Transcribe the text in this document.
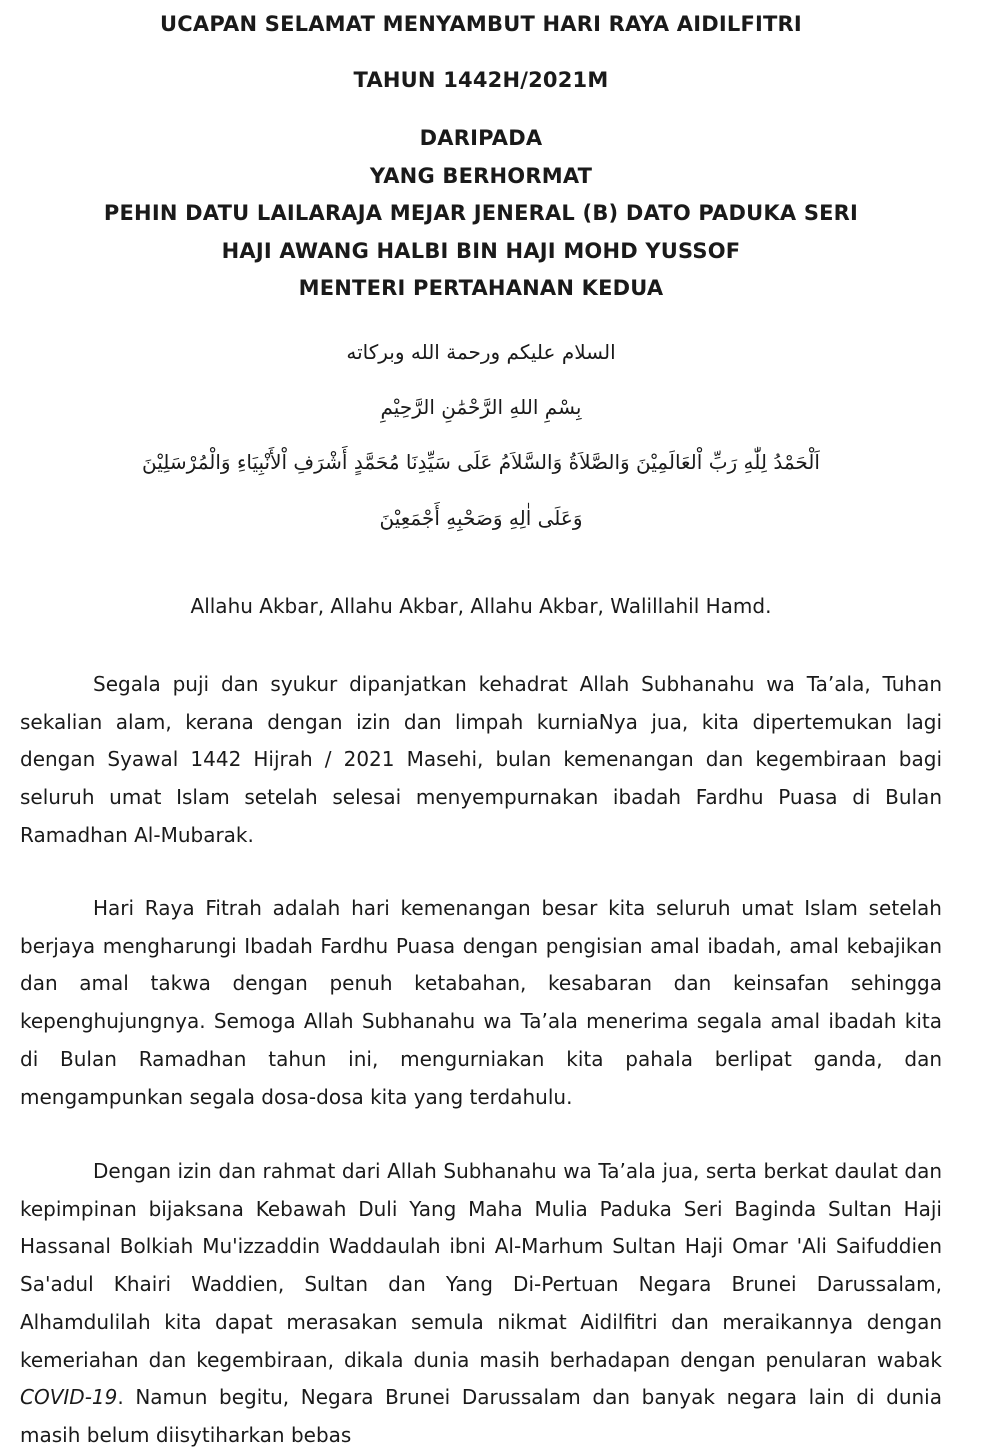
UCAPAN SELAMAT MENYAMBUT HARI RAYA AIDILFITRI

TAHUN 1442H/2021M

DARIPADA

YANG BERHORMAT

PEHIN DATU LAILARAJA MEJAR JENERAL (B) DATO PADUKA SERI

HAJI AWANG HALBI BIN HAJI MOHD YUSSOF

MENTERI PERTAHANAN KEDUA

السلام عليكم ورحمة الله وبركاته
بِسْمِ اللهِ الرَّحْمَٰنِ الرَّحِيْمِ
اَلْحَمْدُ لِلّٰهِ رَبِّ اْلعَالَمِيْنَ وَالصَّلاَةُ وَالسَّلاَمُ عَلَى سَيِّدِنَا مُحَمَّدٍ أَشْرَفِ اْلأَنْبِيَاءِ وَالْمُرْسَلِيْنَ
وَعَلَى اٰلِهِ وَصَحْبِهِ أَجْمَعِيْنَ
Allahu Akbar, Allahu Akbar, Allahu Akbar, Walillahil Hamd.

Segala puji dan syukur dipanjatkan kehadrat Allah Subhanahu wa Ta’ala, Tuhan sekalian alam, kerana dengan izin dan limpah kurniaNya jua, kita dipertemukan lagi dengan Syawal 1442 Hijrah / 2021 Masehi, bulan kemenangan dan kegembiraan bagi seluruh umat Islam setelah selesai menyempurnakan ibadah Fardhu Puasa di Bulan Ramadhan Al-Mubarak.

Hari Raya Fitrah adalah hari kemenangan besar kita seluruh umat Islam setelah berjaya mengharungi Ibadah Fardhu Puasa dengan pengisian amal ibadah, amal kebajikan dan amal takwa dengan penuh ketabahan, kesabaran dan keinsafan sehingga kepenghujungnya. Semoga Allah Subhanahu wa Ta’ala menerima segala amal ibadah kita di Bulan Ramadhan tahun ini, mengurniakan kita pahala berlipat ganda, dan mengampunkan segala dosa-dosa kita yang terdahulu.

Dengan izin dan rahmat dari Allah Subhanahu wa Ta’ala jua, serta berkat daulat dan kepimpinan bijaksana Kebawah Duli Yang Maha Mulia Paduka Seri Baginda Sultan Haji Hassanal Bolkiah Mu'izzaddin Waddaulah ibni Al-Marhum Sultan Haji Omar 'Ali Saifuddien Sa'adul Khairi Waddien, Sultan dan Yang Di-Pertuan Negara Brunei Darussalam, Alhamdulilah kita dapat merasakan semula nikmat Aidilfitri dan meraikannya dengan kemeriahan dan kegembiraan, dikala dunia masih berhadapan dengan penularan wabak COVID-19. Namun begitu, Negara Brunei Darussalam dan banyak negara lain di dunia masih belum diisytiharkan bebas
